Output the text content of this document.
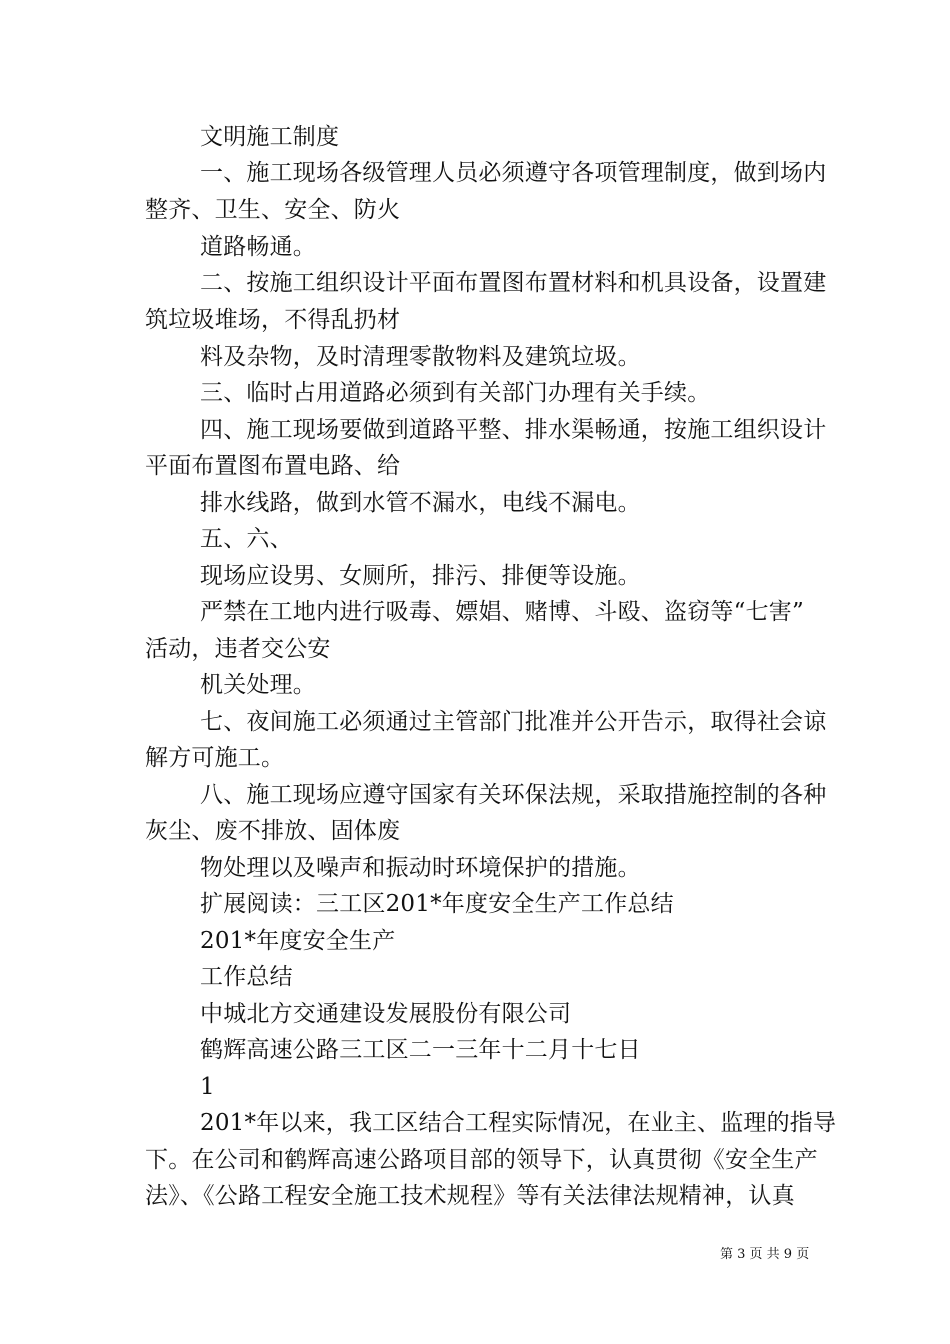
文明施工制度
一、施工现场各级管理人员必须遵守各项管理制度，做到场内
整齐、卫生、安全、防火
道路畅通。
二、按施工组织设计平面布置图布置材料和机具设备，设置建
筑垃圾堆场，不得乱扔材
料及杂物，及时清理零散物料及建筑垃圾。
三、临时占用道路必须到有关部门办理有关手续。
四、施工现场要做到道路平整、排水渠畅通，按施工组织设计
平面布置图布置电路、给
排水线路，做到水管不漏水，电线不漏电。
五、六、
现场应设男、女厕所，排污、排便等设施。
严禁在工地内进行吸毒、嫖娼、赌博、斗殴、盗窃等“七害”
活动，违者交公安
机关处理。
七、夜间施工必须通过主管部门批准并公开告示，取得社会谅
解方可施工。
八、施工现场应遵守国家有关环保法规，采取措施控制的各种
灰尘、废不排放、固体废
物处理以及噪声和振动时环境保护的措施。
扩展阅读：三工区201*年度安全生产工作总结
201*年度安全生产
工作总结
中城北方交通建设发展股份有限公司
鹤辉高速公路三工区二一三年十二月十七日
1
201*年以来，我工区结合工程实际情况，在业主、监理的指导
下。在公司和鹤辉高速公路项目部的领导下，认真贯彻《安全生产
法》、《公路工程安全施工技术规程》等有关法律法规精神，认真
第 3 页 共 9 页
